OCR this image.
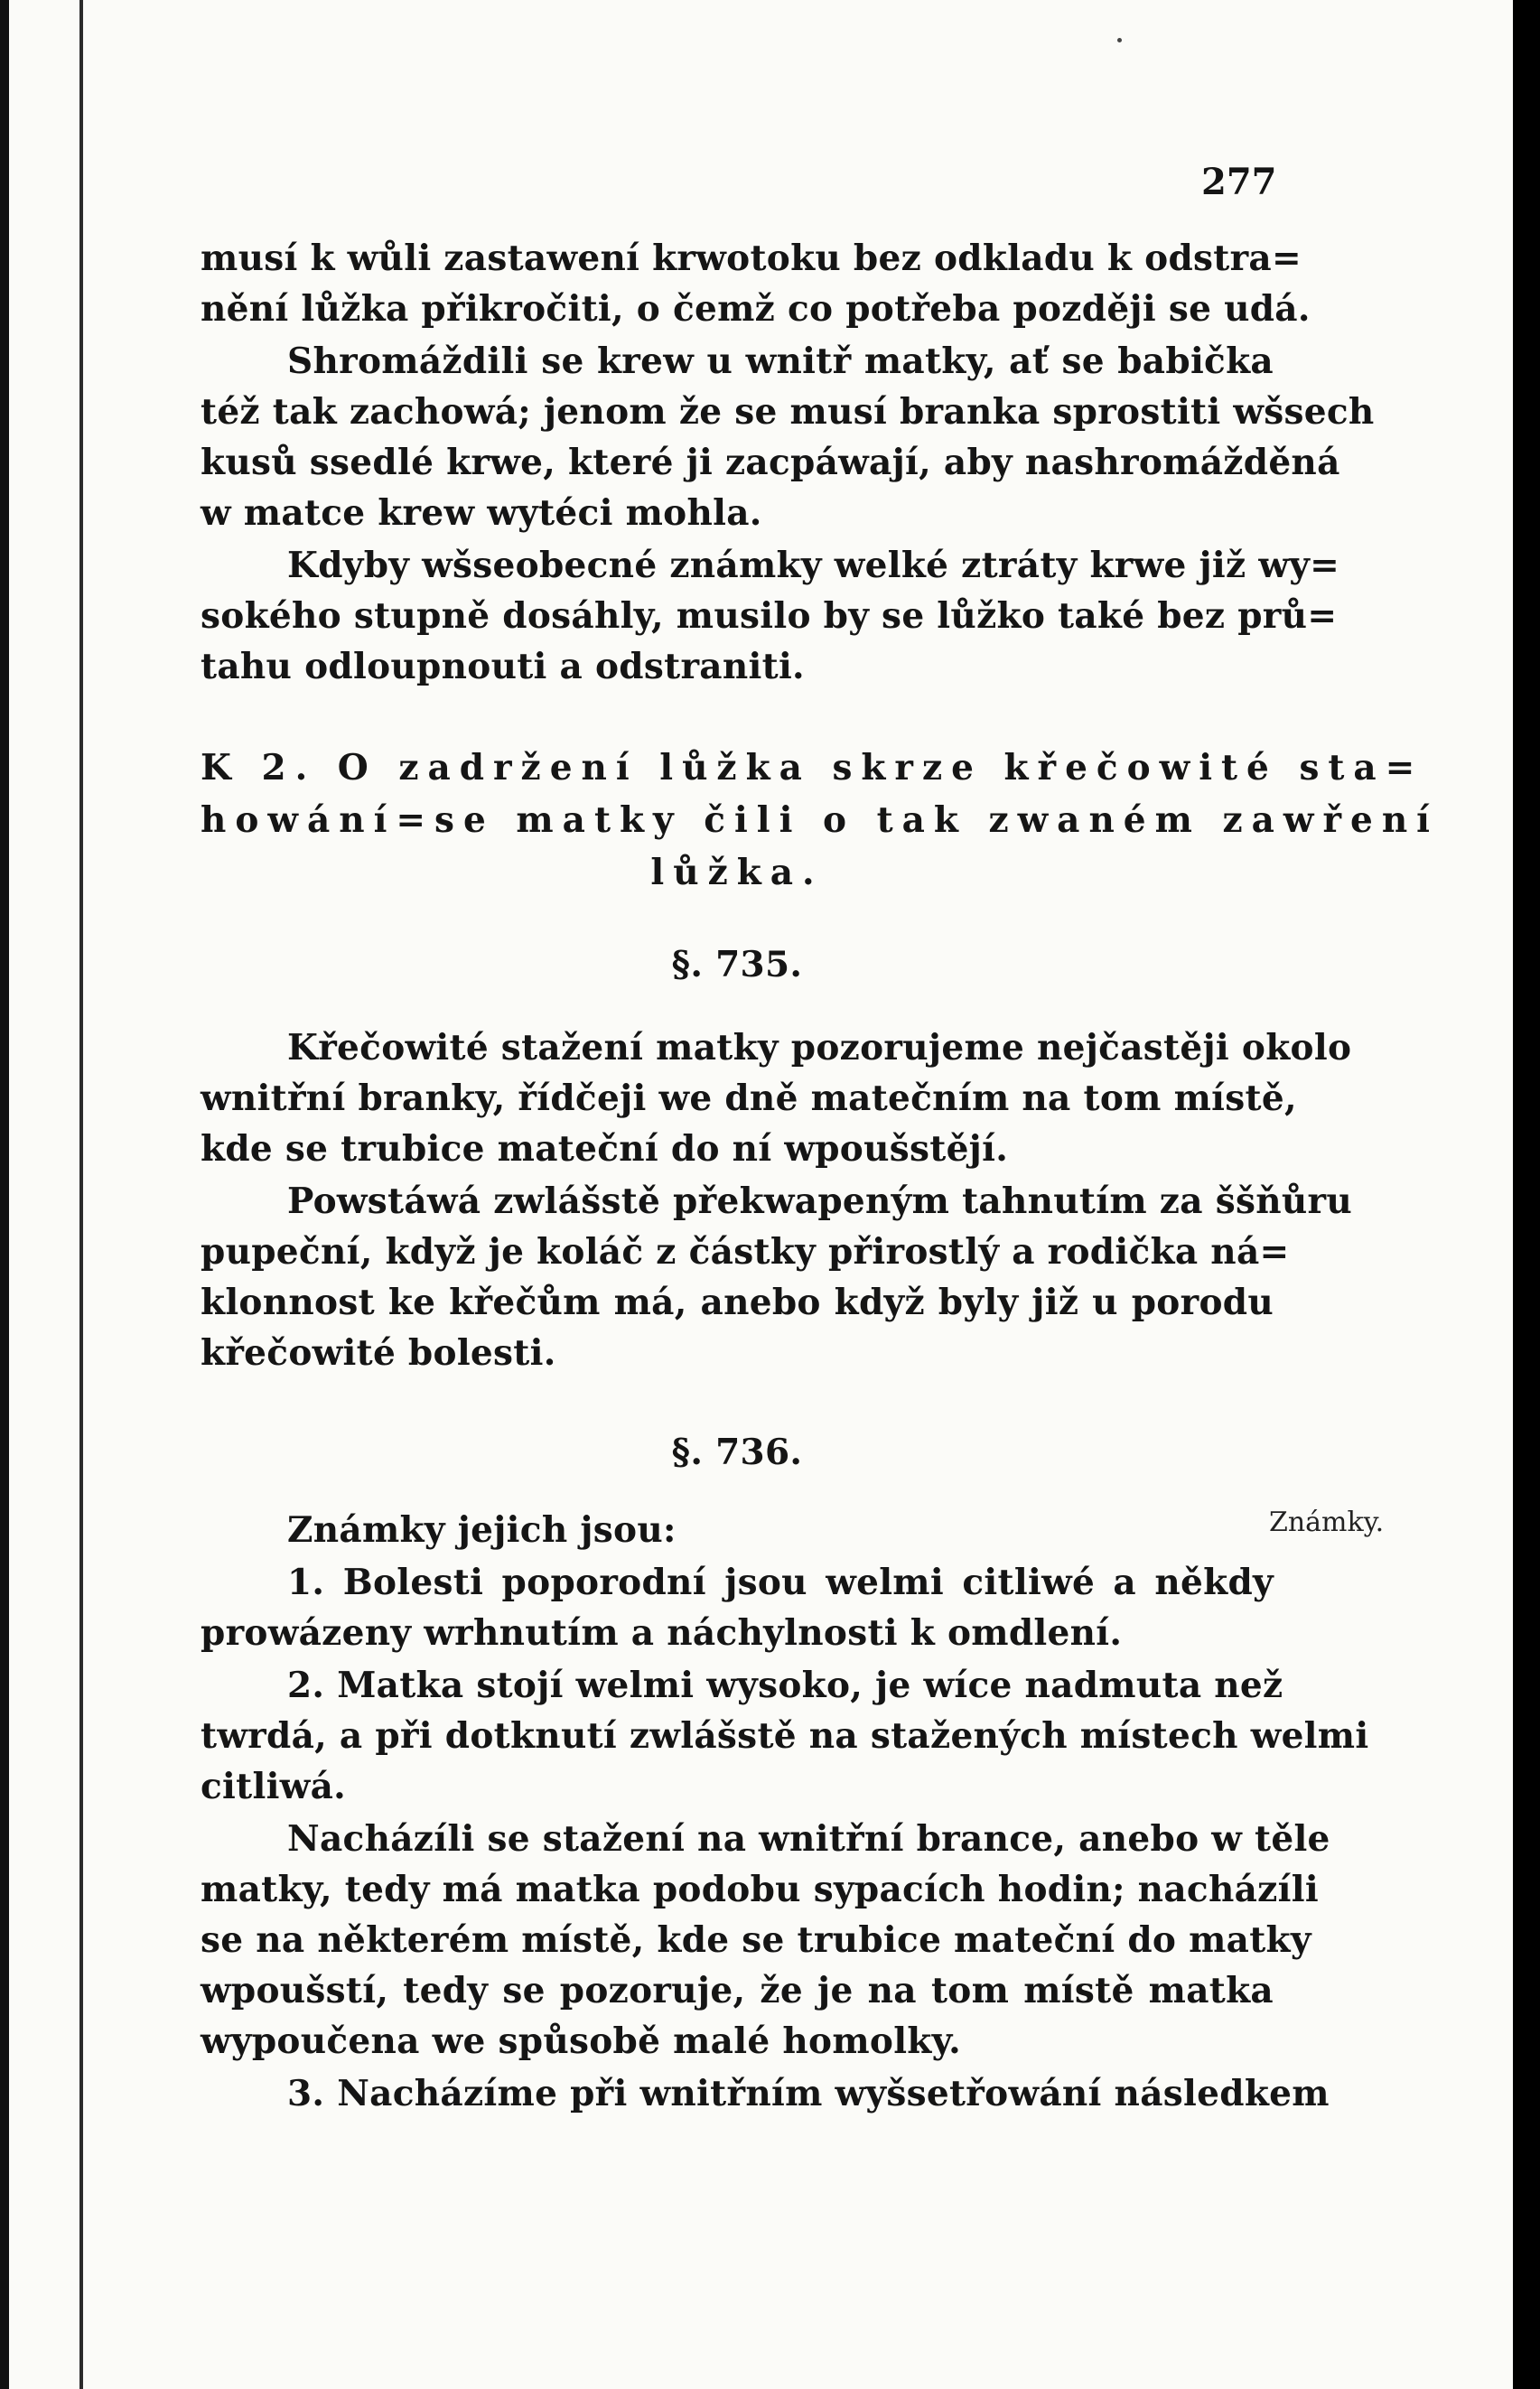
277
musí k wůli zastawení krwotoku bez odkladu k odstra=
nění lůžka přikročiti, o čemž co potřeba později se udá.
Shromáždili se krew u wnitř matky, ať se babička
též tak zachowá; jenom že se musí branka sprostiti wšsech
kusů ssedlé krwe, které ji zacpáwají, aby nashromážděná
w matce krew wytéci mohla.
Kdyby wšseobecné známky welké ztráty krwe již wy=
sokého stupně dosáhly, musilo by se lůžko také bez prů=
tahu odloupnouti a odstraniti.
K 2. O zadržení lůžka skrze křečowité sta=
howání=se matky čili o tak zwaném zawření
lůžka.
§. 735.
Křečowité stažení matky pozorujeme nejčastěji okolo
wnitřní branky, řídčeji we dně matečním na tom místě,
kde se trubice mateční do ní wpoušstějí.
Powstáwá zwlášstě překwapeným tahnutím za ššňůru
pupeční, když je koláč z částky přirostlý a rodička ná=
klonnost ke křečům má, anebo když byly již u porodu
křečowité bolesti.
§. 736.
Známky.
Známky jejich jsou:
1. Bolesti poporodní jsou welmi citliwé a někdy
prowázeny wrhnutím a náchylnosti k omdlení.
2. Matka stojí welmi wysoko, je wíce nadmuta než
twrdá, a při dotknutí zwlášstě na stažených místech welmi
citliwá.
Nacházíli se stažení na wnitřní brance, anebo w těle
matky, tedy má matka podobu sypacích hodin; nacházíli
se na některém místě, kde se trubice mateční do matky
wpoušstí, tedy se pozoruje, že je na tom místě matka
wypoučena we spůsobě malé homolky.
3. Nacházíme při wnitřním wyšsetřowání následkem
